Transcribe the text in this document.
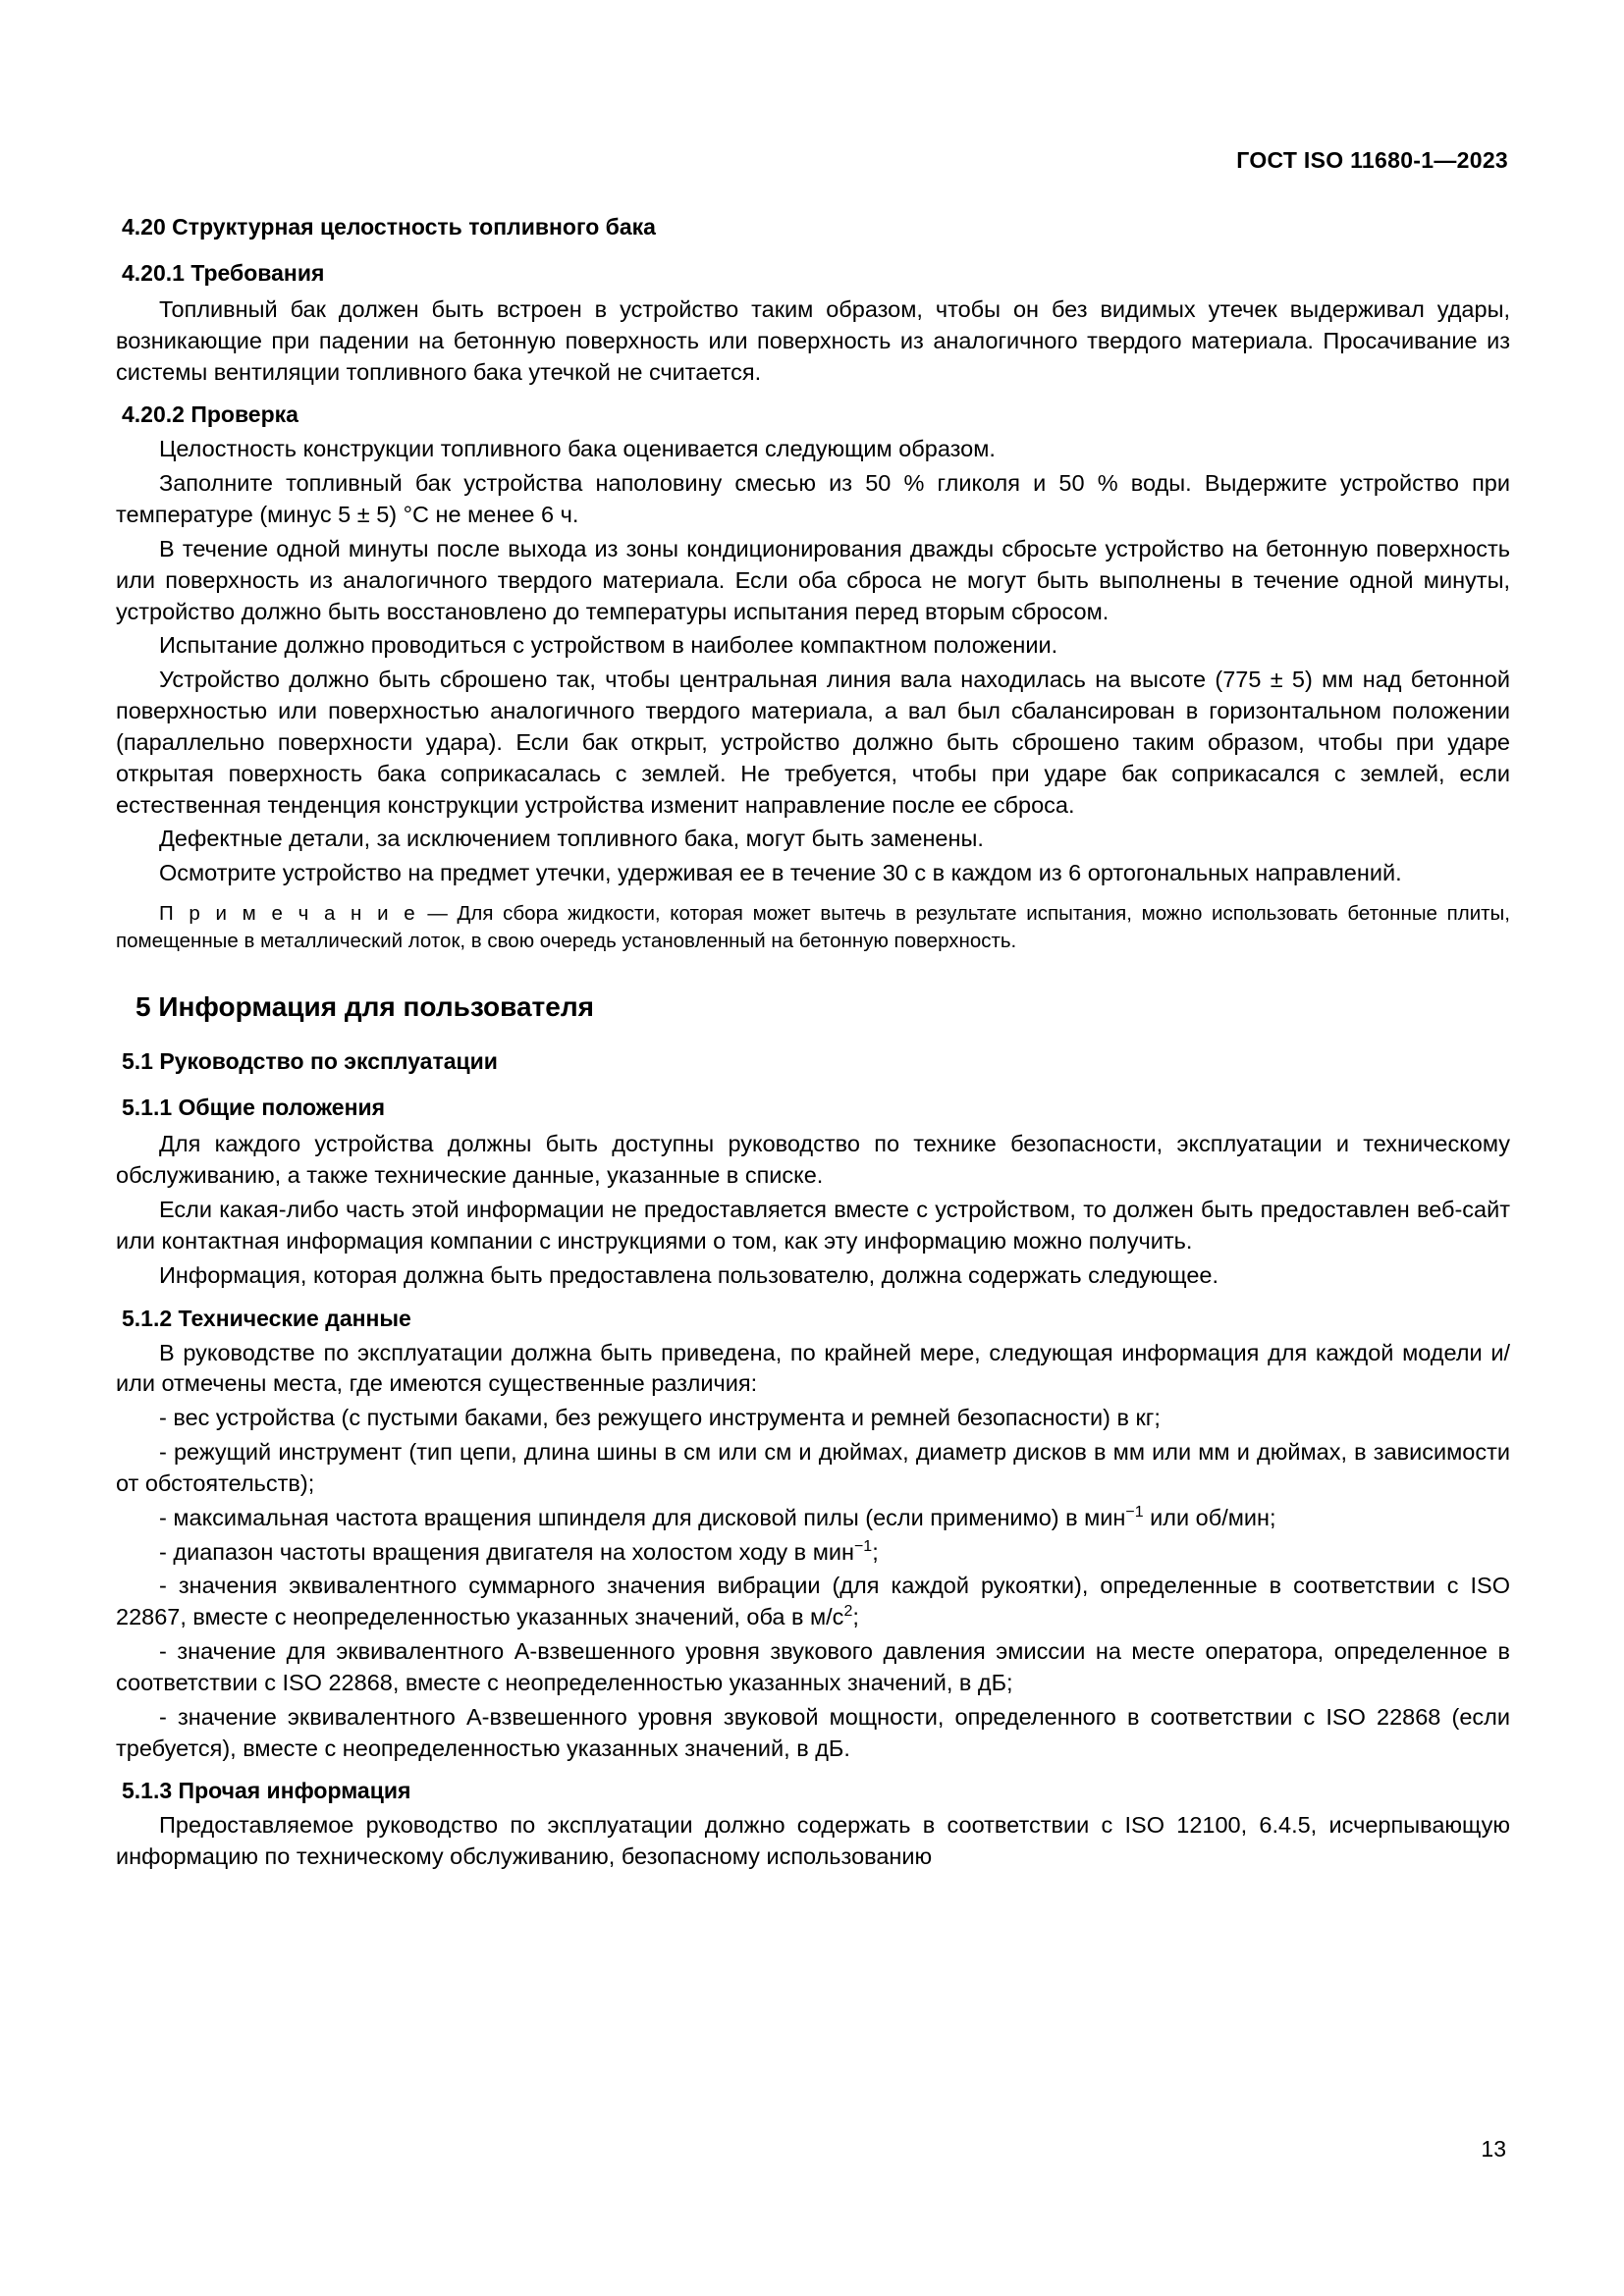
ГОСТ ISO 11680-1—2023
4.20 Структурная целостность топливного бака
4.20.1 Требования

Топливный бак должен быть встроен в устройство таким образом, чтобы он без видимых утечек выдерживал удары, возникающие при падении на бетонную поверхность или поверхность из аналогичного твердого материала. Просачивание из системы вентиляции топливного бака утечкой не считается.

4.20.2 Проверка

Целостность конструкции топливного бака оценивается следующим образом.

Заполните топливный бак устройства наполовину смесью из 50 % гликоля и 50 % воды. Выдержите устройство при температуре (минус 5 ± 5) °C не менее 6 ч.

В течение одной минуты после выхода из зоны кондиционирования дважды сбросьте устройство на бетонную поверхность или поверхность из аналогичного твердого материала. Если оба сброса не могут быть выполнены в течение одной минуты, устройство должно быть восстановлено до температуры испытания перед вторым сбросом.

Испытание должно проводиться с устройством в наиболее компактном положении.

Устройство должно быть сброшено так, чтобы центральная линия вала находилась на высоте (775 ± 5) мм над бетонной поверхностью или поверхностью аналогичного твердого материала, а вал был сбалансирован в горизонтальном положении (параллельно поверхности удара). Если бак открыт, устройство должно быть сброшено таким образом, чтобы при ударе открытая поверхность бака соприкасалась с землей. Не требуется, чтобы при ударе бак соприкасался с землей, если естественная тенденция конструкции устройства изменит направление после ее сброса.

Дефектные детали, за исключением топливного бака, могут быть заменены.

Осмотрите устройство на предмет утечки, удерживая ее в течение 30 с в каждом из 6 ортогональных направлений.

П р и м е ч а н и е — Для сбора жидкости, которая может вытечь в результате испытания, можно использовать бетонные плиты, помещенные в металлический лоток, в свою очередь установленный на бетонную поверхность.

5 Информация для пользователя
5.1 Руководство по эксплуатации
5.1.1 Общие положения

Для каждого устройства должны быть доступны руководство по технике безопасности, эксплуатации и техническому обслуживанию, а также технические данные, указанные в списке.

Если какая-либо часть этой информации не предоставляется вместе с устройством, то должен быть предоставлен веб-сайт или контактная информация компании с инструкциями о том, как эту информацию можно получить.

Информация, которая должна быть предоставлена пользователю, должна содержать следующее.

5.1.2 Технические данные

В руководстве по эксплуатации должна быть приведена, по крайней мере, следующая информация для каждой модели и/или отмечены места, где имеются существенные различия:

- вес устройства (с пустыми баками, без режущего инструмента и ремней безопасности) в кг;

- режущий инструмент (тип цепи, длина шины в см или см и дюймах, диаметр дисков в мм или мм и дюймах, в зависимости от обстоятельств);

- максимальная частота вращения шпинделя для дисковой пилы (если применимо) в мин$^{-1}$ или об/мин;

- диапазон частоты вращения двигателя на холостом ходу в мин$^{-1}$;

- значения эквивалентного суммарного значения вибрации (для каждой рукоятки), определенные в соответствии с ISO 22867, вместе с неопределенностью указанных значений, оба в $м/с^2$;

- значение для эквивалентного А-взвешенного уровня звукового давления эмиссии на месте оператора, определенное в соответствии с ISO 22868, вместе с неопределенностью указанных значений, в дБ;

- значение эквивалентного А-взвешенного уровня звуковой мощности, определенного в соответствии с ISO 22868 (если требуется), вместе с неопределенностью указанных значений, в дБ.

5.1.3 Прочая информация

Предоставляемое руководство по эксплуатации должно содержать в соответствии с ISO 12100, 6.4.5, исчерпывающую информацию по техническому обслуживанию, безопасному использованию

13
